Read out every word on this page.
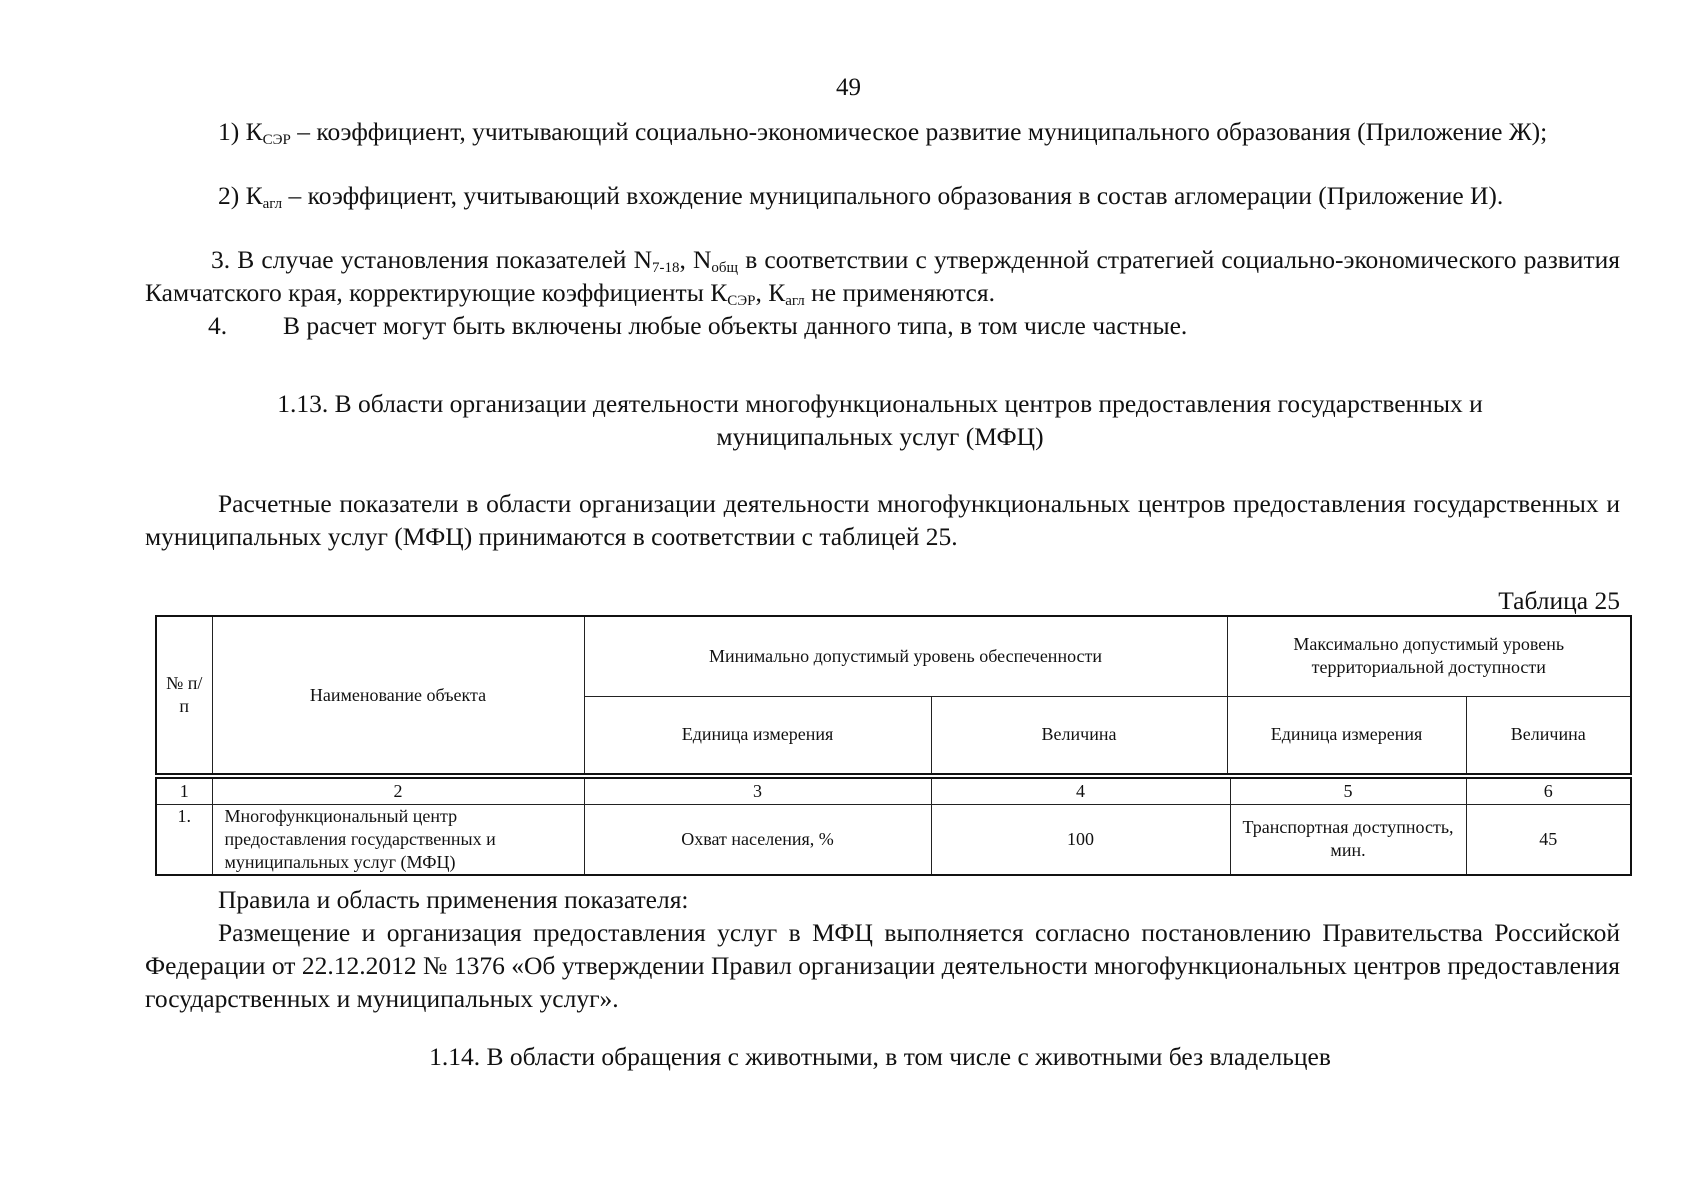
49
1) $К_{СЭР}$ – коэффициент, учитывающий социально-экономическое развитие муниципального образования (Приложение Ж);
2) $К_{агл}$ – коэффициент, учитывающий вхождение муниципального образования в состав агломерации (Приложение И).
3. В случае установления показателей $N_{7-18}$, $N_{общ}$ в соответствии с утвержденной стратегией социально-экономического развития Камчатского края, корректирующие коэффициенты $К_{СЭР}$, $К_{агл}$ не применяются.
4. В расчет могут быть включены любые объекты данного типа, в том числе частные.
1.13. В области организации деятельности многофункциональных центров предоставления государственных и
муниципальных услуг (МФЦ)
Расчетные показатели в области организации деятельности многофункциональных центров предоставления государственных и муниципальных услуг (МФЦ) принимаются в соответствии с таблицей 25.
Таблица 25
№ п/п	Наименование объекта	Минимально допустимый уровень обеспеченности		Максимально допустимый уровень территориальной доступности	
		Единица измерения	Величина	Единица измерения	Величина
1	2	3	4	5	6
1.	Многофункциональный центр предоставления государственных и муниципальных услуг (МФЦ)	Охват населения, %	100	Транспортная доступность, мин.	45
Правила и область применения показателя:
Размещение и организация предоставления услуг в МФЦ выполняется согласно постановлению Правительства Российской Федерации от 22.12.2012 № 1376 «Об утверждении Правил организации деятельности многофункциональных центров предоставления государственных и муниципальных услуг».
1.14. В области обращения с животными, в том числе с животными без владельцев
